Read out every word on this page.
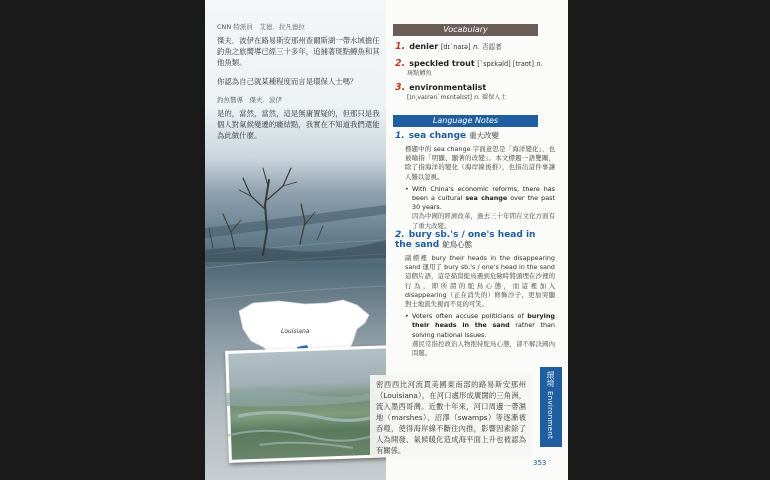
CNN 特派員　艾德．拉凡德拉

傑夫．波伊在路易斯安那州查爾斯湖一帶水域擔任釣魚之旅嚮導已經三十多年，追捕著斑點鱒魚和其他魚類。

你認為自己就某種程度而言是環保人士嗎？

釣魚嚮導　傑夫．波伊

是的，當然，當然，這是無庸置疑的，但那只是我個人對氣候變遷的癥結點，我實在不知道我們還能為此做什麼。

Louisiana
Vocabulary
1. denier [dɪˋnaɪə] n. 否認者
2. speckled trout [ˋspɛkəld] [traʊt] n.
斑點鱒魚
3. environmentalist
[ɪn͵vaɪrənˋmɛntəlɪst] n. 環保人士
Language Notes
1. sea change 重大改變

標題中的 sea change 字面意思是「海洋變化」，也被喻指「明顯、顯著的改變」。本文標題一語雙關，除了指海洋的變化（海岸線後推），也指出這件事讓人難以忽視。

• With China's economic reforms, there has been a cultural sea change over the past 30 years.
因為中國的經濟改革，過去三十年間在文化方面有了重大改變。

2. bury sb.'s / one's head in the sand 鴕鳥心態

副標裡 bury their heads in the disappearing sand 運用了 bury sb.'s / one's head in the sand 這個片語，這是描寫鴕鳥遇到危險時將頭埋在沙裡的行為，即所謂的鴕鳥心態，而這裡加入 disappearing（正在消失的）修飾沙子，更加突顯對土地流失視而不見的可笑。

• Voters often accuse politicians of burying their heads in the sand rather than solving national issues.
選民常指控政治人物抱持鴕鳥心態，卻不解決國內問題。

密西西比河流貫美國東南部的路易斯安那州（Louisiana），在河口處形成廣闊的三角洲，流入墨西哥灣。近數十年來，河口周邊一帶濕地（marshes）、沼澤（swamps）等逐漸被吞噬，使得海岸線不斷往內推，影響因素除了人為開發、氣候暖化造成海平面上升也被認為有關係。

環境
Environment
353
